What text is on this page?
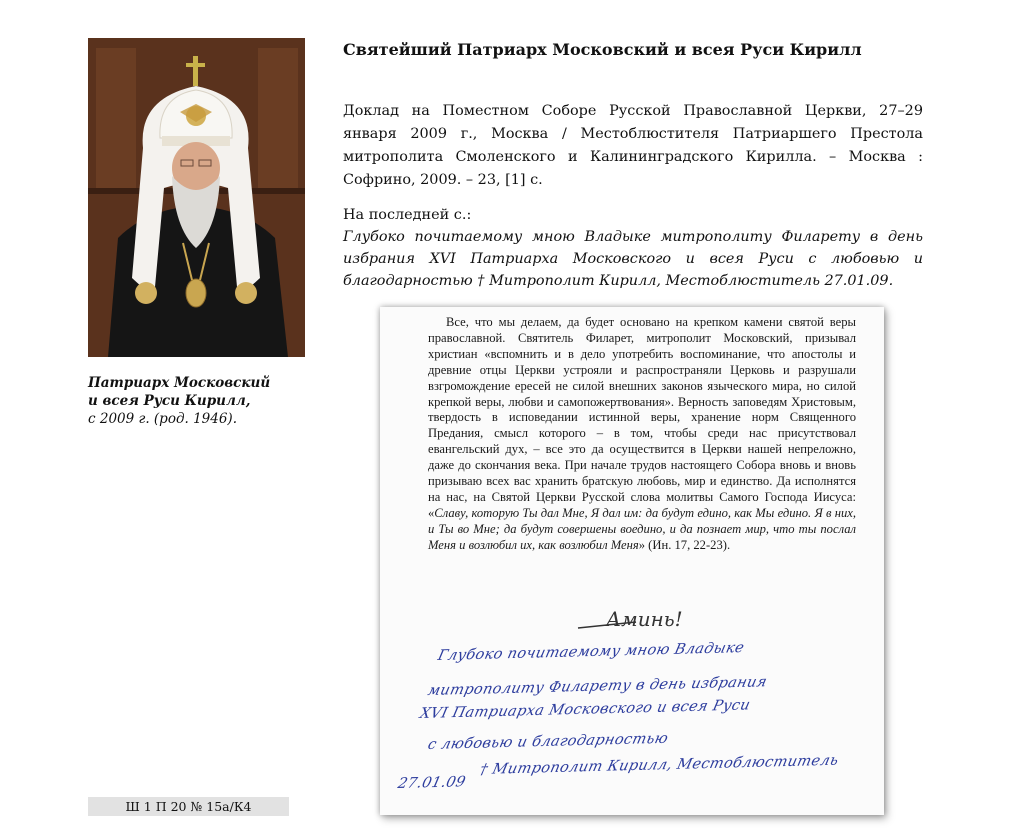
Патриарх Московский
и всея Руси Кирилл,
с 2009 г. (род. 1946).
Ш 1 П 20 № 15а/К4
Святейший Патриарх Московский и всея Руси Кирилл

Доклад на Поместном Соборе Русской Православной Церкви, 27–29 января 2009 г., Москва / Местоблюстителя Патриаршего Престола митрополита Смоленского и Калининградского Кирилла. – Москва : Софрино, 2009. – 23, [1] с.

На последней с.:

Глубоко почитаемому мною Владыке митрополиту Филарету в день избрания XVI Патриарха Московского и всея Руси с любовью и благодарностью † Митрополит Кирилл, Местоблюститель 27.01.09.

Все, что мы делаем, да будет основано на крепком камени святой веры православной. Святитель Филарет, митрополит Московский, призывал христиан «вспомнить и в дело употребить воспоминание, что апостолы и древние отцы Церкви устрояли и распространяли Церковь и разрушали взгромождение ересей не силой внешних законов языческого мира, но силой крепкой веры, любви и самопожертвования». Верность заповедям Христовым, твердость в исповедании истинной веры, хранение норм Священного Предания, смысл которого – в том, чтобы среди нас присутствовал евангельский дух, – все это да осуществится в Церкви нашей непреложно, даже до скончания века. При начале трудов настоящего Собора вновь и вновь призываю всех вас хранить братскую любовь, мир и единство. Да исполнятся на нас, на Святой Церкви Русской слова молитвы Самого Господа Иисуса: «Славу, которую Ты дал Мне, Я дал им: да будут едино, как Мы едино. Я в них, и Ты во Мне; да будут совершены воедино, и да познает мир, что ты послал Меня и возлюбил их, как возлюбил Меня» (Ин. 17, 22-23).

Аминь!
Глубоко почитаемому мною Владыке
митрополиту Филарету в день избрания
XVI Патриарха Московского и всея Руси
с любовью и благодарностью
27.01.09
† Митрополит Кирилл, Местоблюститель
